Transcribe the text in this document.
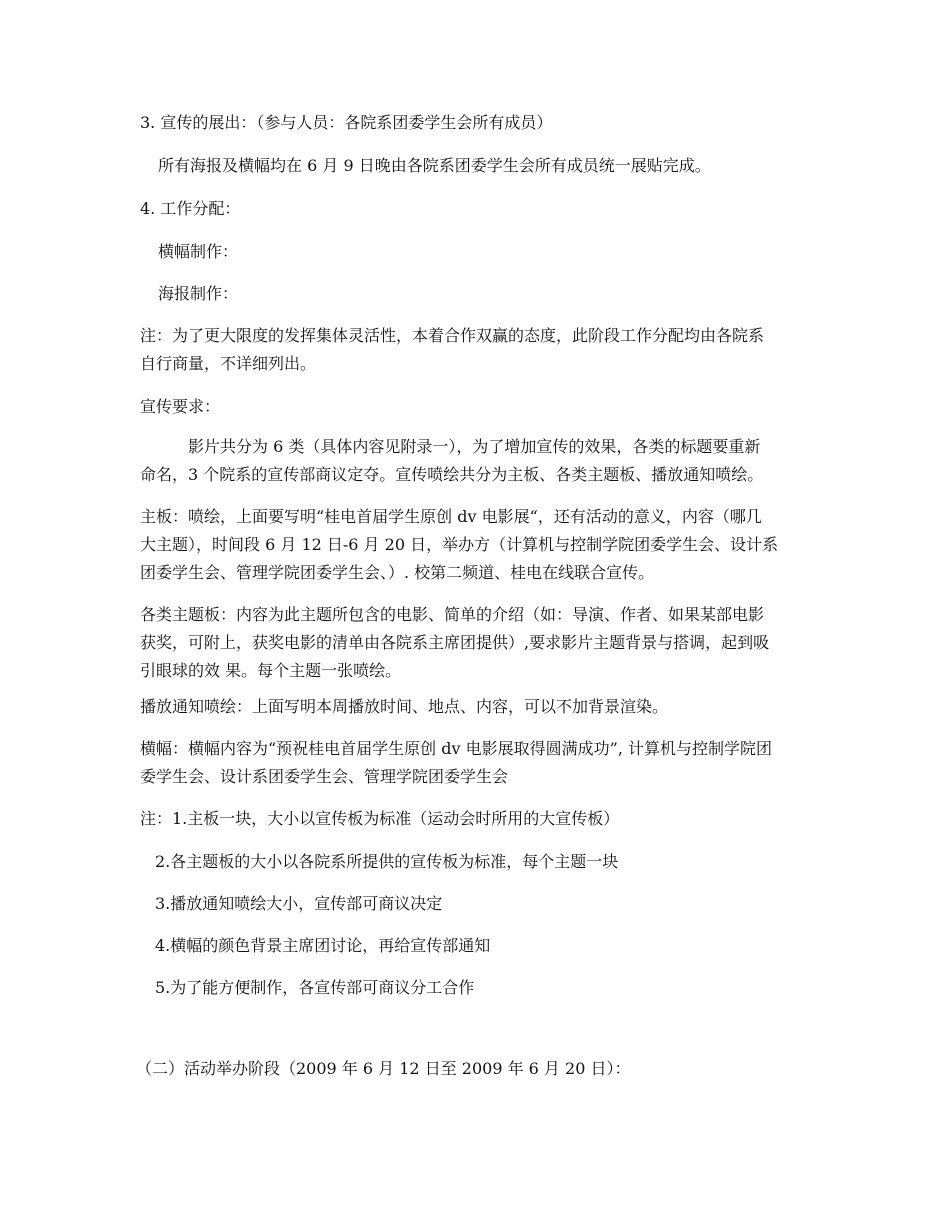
3. 宣传的展出：（参与人员：各院系团委学生会所有成员）
所有海报及横幅均在 6 月 9 日晚由各院系团委学生会所有成员统一展贴完成。
4. 工作分配：
横幅制作：
海报制作：
注：为了更大限度的发挥集体灵活性，本着合作双赢的态度，此阶段工作分配均由各院系
自行商量，不详细列出。
宣传要求：
影片共分为 6 类（具体内容见附录一），为了增加宣传的效果，各类的标题要重新
命名，3 个院系的宣传部商议定夺。宣传喷绘共分为主板、各类主题板、播放通知喷绘。
主板：喷绘，上面要写明“桂电首届学生原创 dv 电影展“，还有活动的意义，内容（哪几
大主题），时间段 6 月 12 日-6 月 20 日，举办方（计算机与控制学院团委学生会、设计系
团委学生会、管理学院团委学生会、）. 校第二频道、桂电在线联合宣传。
各类主题板：内容为此主题所包含的电影、简单的介绍（如：导演、作者、如果某部电影
获奖，可附上，获奖电影的清单由各院系主席团提供）,要求影片主题背景与搭调，起到吸
引眼球的效 果。每个主题一张喷绘。
播放通知喷绘：上面写明本周播放时间、地点、内容，可以不加背景渲染。
横幅：横幅内容为“预祝桂电首届学生原创 dv 电影展取得圆满成功”, 计算机与控制学院团
委学生会、设计系团委学生会、管理学院团委学生会
注：1.主板一块，大小以宣传板为标准（运动会时所用的大宣传板）
2.各主题板的大小以各院系所提供的宣传板为标准，每个主题一块
3.播放通知喷绘大小，宣传部可商议决定
4.横幅的颜色背景主席团讨论，再给宣传部通知
5.为了能方便制作，各宣传部可商议分工合作
（二）活动举办阶段（2009 年 6 月 12 日至 2009 年 6 月 20 日）：
